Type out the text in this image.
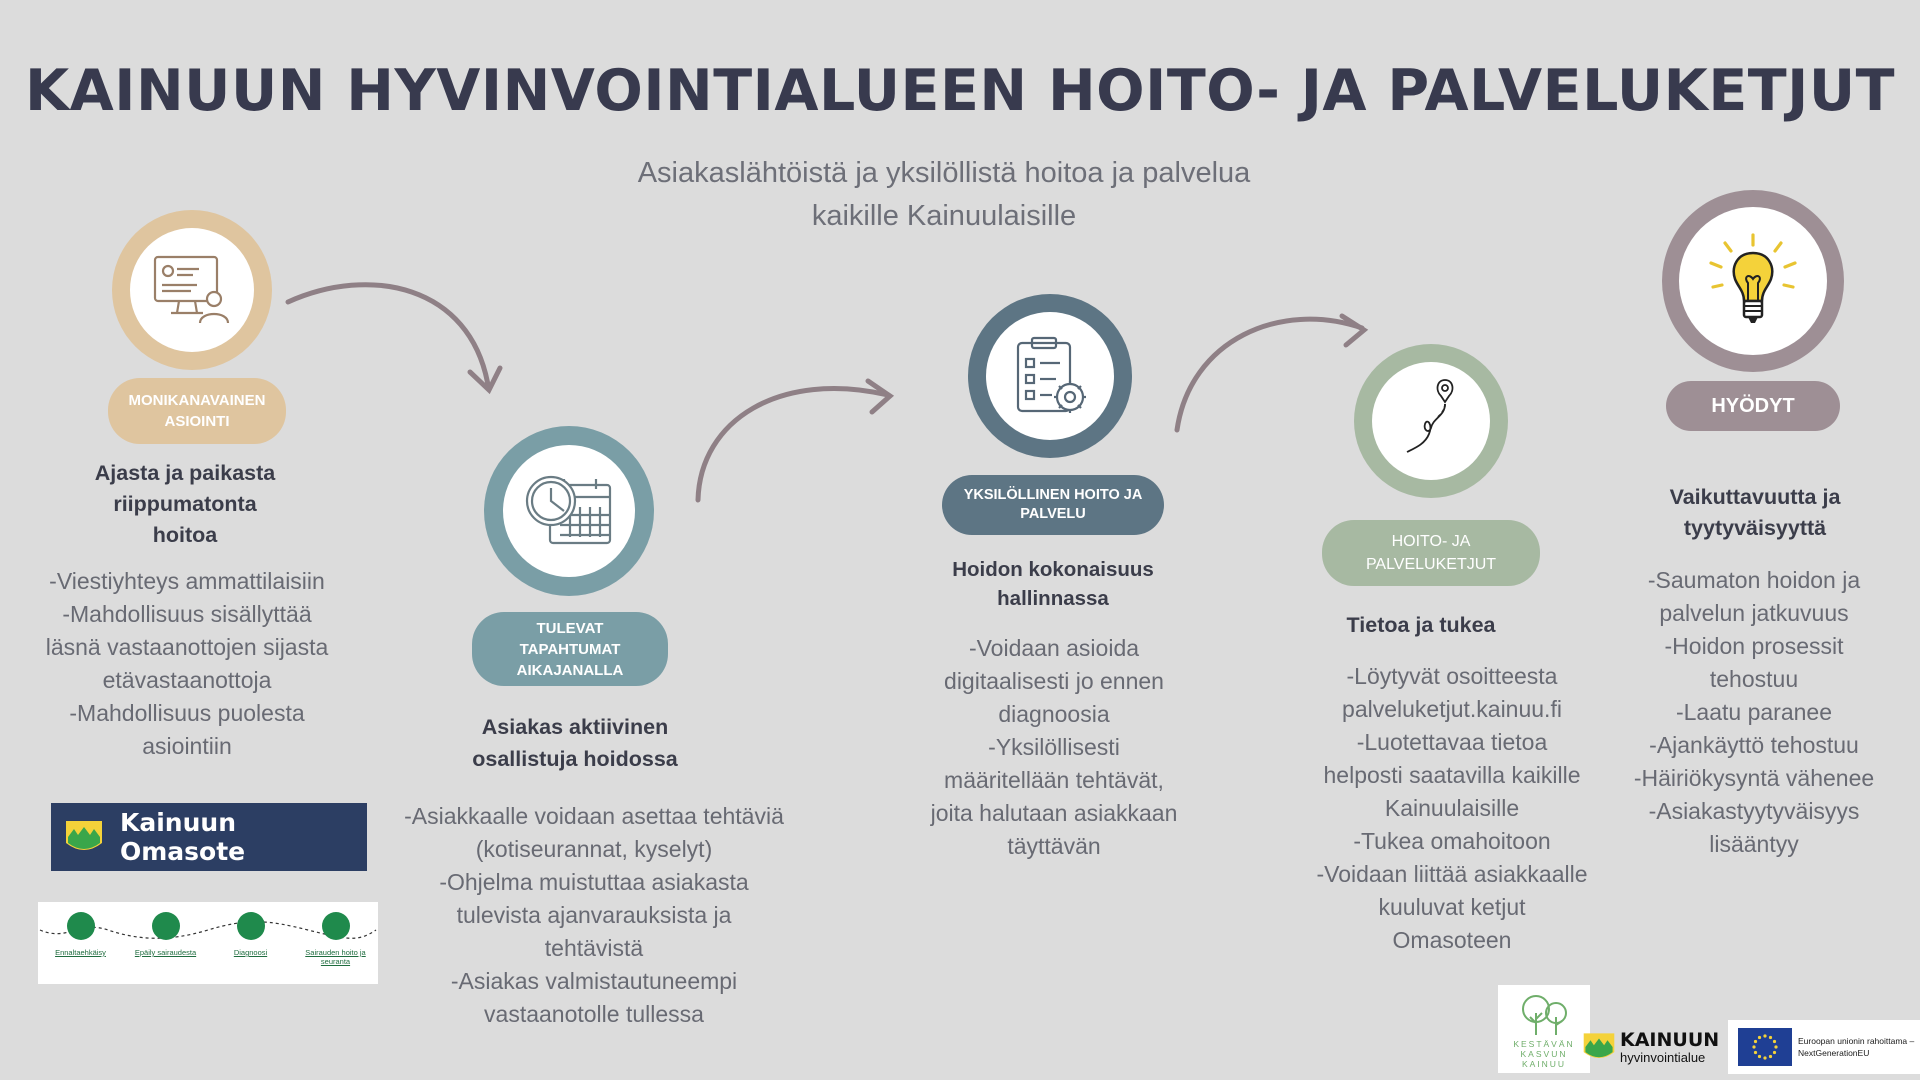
KAINUUN HYVINVOINTIALUEEN HOITO- JA PALVELUKETJUT
Asiakaslähtöistä ja yksilöllistä hoitoa ja palvelua
kaikille Kainuulaisille
MONIKANAVAINEN
ASIOINTI
Ajasta ja paikasta
riippumatonta
hoitoa
-Viestiyhteys ammattilaisiin
-Mahdollisuus sisällyttää
läsnä vastaanottojen sijasta
etävastaanottoja
-Mahdollisuus puolesta
asiointiin
Kainuun Omasote
Ennaltaehkäisy	Epäily sairaudesta	Diagnoosi	Sairauden hoito ja
seuranta
TULEVAT
TAPAHTUMAT
AIKAJANALLA
Asiakas aktiivinen
osallistuja hoidossa
-Asiakkaalle voidaan asettaa tehtäviä
(kotiseurannat, kyselyt)
-Ohjelma muistuttaa asiakasta
tulevista ajanvarauksista ja
tehtävistä
-Asiakas valmistautuneempi
vastaanotolle tullessa
YKSILÖLLINEN HOITO JA
PALVELU
Hoidon kokonaisuus
hallinnassa
-Voidaan asioida
digitaalisesti jo ennen
diagnoosia
-Yksilöllisesti
määritellään tehtävät,
joita halutaan asiakkaan
täyttävän
HOITO- JA
PALVELUKETJUT
Tietoa ja tukea
-Löytyvät osoitteesta
palveluketjut.kainuu.fi
-Luotettavaa tietoa
helposti saatavilla kaikille
Kainuulaisille
-Tukea omahoitoon
-Voidaan liittää asiakkaalle
kuuluvat ketjut
Omasoteen
HYÖDYT
Vaikuttavuutta ja
tyytyväisyyttä
-Saumaton hoidon ja
palvelun jatkuvuus
-Hoidon prosessit
tehostuu
-Laatu paranee
-Ajankäyttö tehostuu
-Häiriökysyntä vähenee
-Asiakastyytyväisyys
lisääntyy
KESTÄVÄN
KASVUN
KAINUU
KAINUUN
hyvinvointialue
Euroopan unionin rahoittama –
NextGenerationEU
